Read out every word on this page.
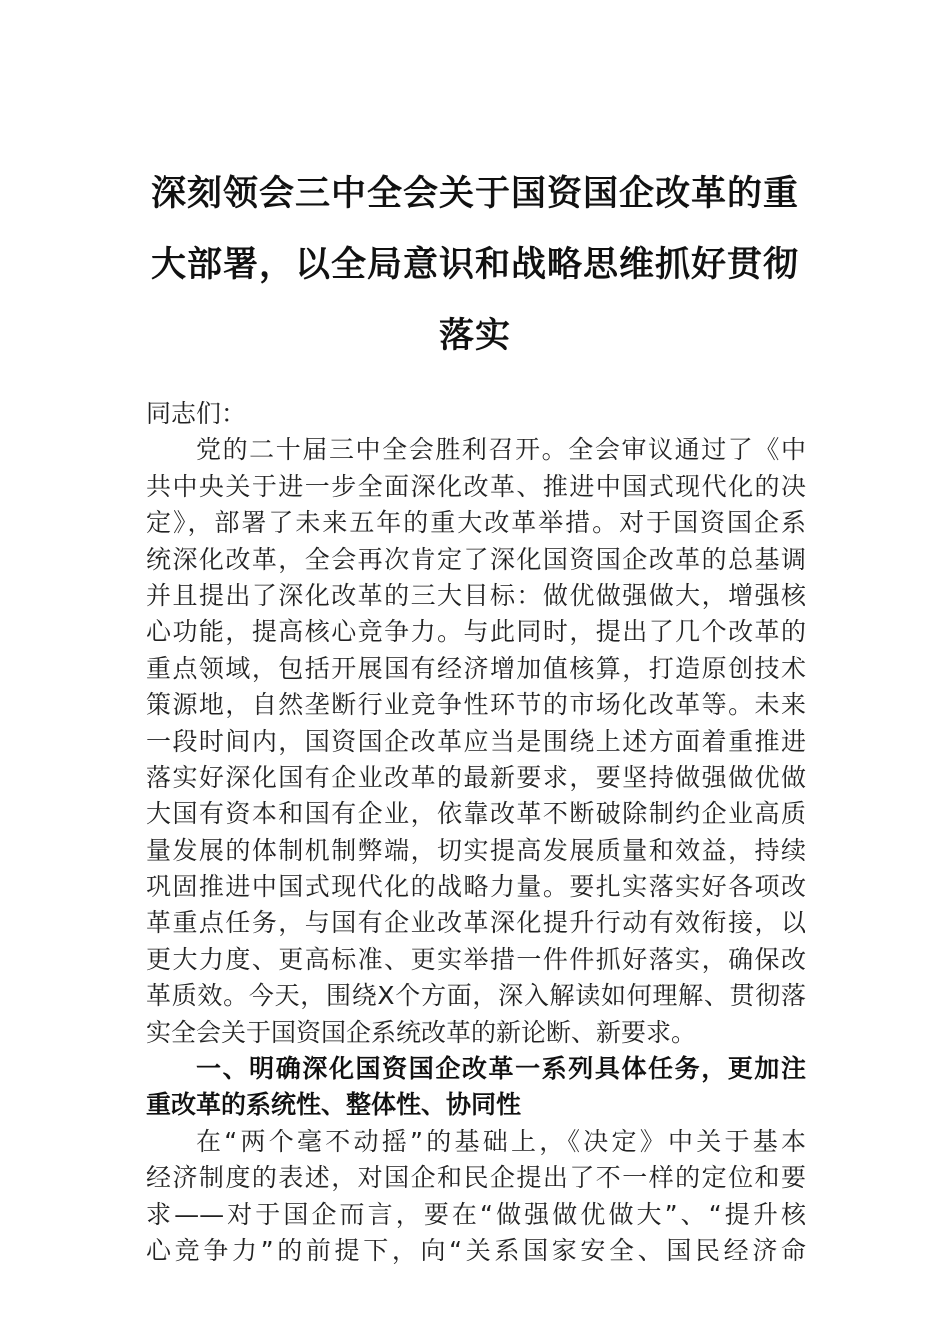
深刻领会三中全会关于国资国企改革的重
大部署，以全局意识和战略思维抓好贯彻
落实
同志们：
党的二十届三中全会胜利召开。全会审议通过了《中
共中央关于进一步全面深化改革、推进中国式现代化的决
定》，部署了未来五年的重大改革举措。对于国资国企系
统深化改革，全会再次肯定了深化国资国企改革的总基调
并且提出了深化改革的三大目标：做优做强做大，增强核
心功能，提高核心竞争力。与此同时，提出了几个改革的
重点领域，包括开展国有经济增加值核算，打造原创技术
策源地，自然垄断行业竞争性环节的市场化改革等。未来
一段时间内，国资国企改革应当是围绕上述方面着重推进
落实好深化国有企业改革的最新要求，要坚持做强做优做
大国有资本和国有企业，依靠改革不断破除制约企业高质
量发展的体制机制弊端，切实提高发展质量和效益，持续
巩固推进中国式现代化的战略力量。要扎实落实好各项改
革重点任务，与国有企业改革深化提升行动有效衔接，以
更大力度、更高标准、更实举措一件件抓好落实，确保改
革质效。今天，围绕X个方面，深入解读如何理解、贯彻落
实全会关于国资国企系统改革的新论断、新要求。
一、明确深化国资国企改革一系列具体任务，更加注
重改革的系统性、整体性、协同性
在“两个毫不动摇”的基础上，《决定》中关于基本
经济制度的表述，对国企和民企提出了不一样的定位和要
求——对于国企而言，要在“做强做优做大”、“提升核
心竞争力”的前提下，向“关系国家安全、国民经济命
